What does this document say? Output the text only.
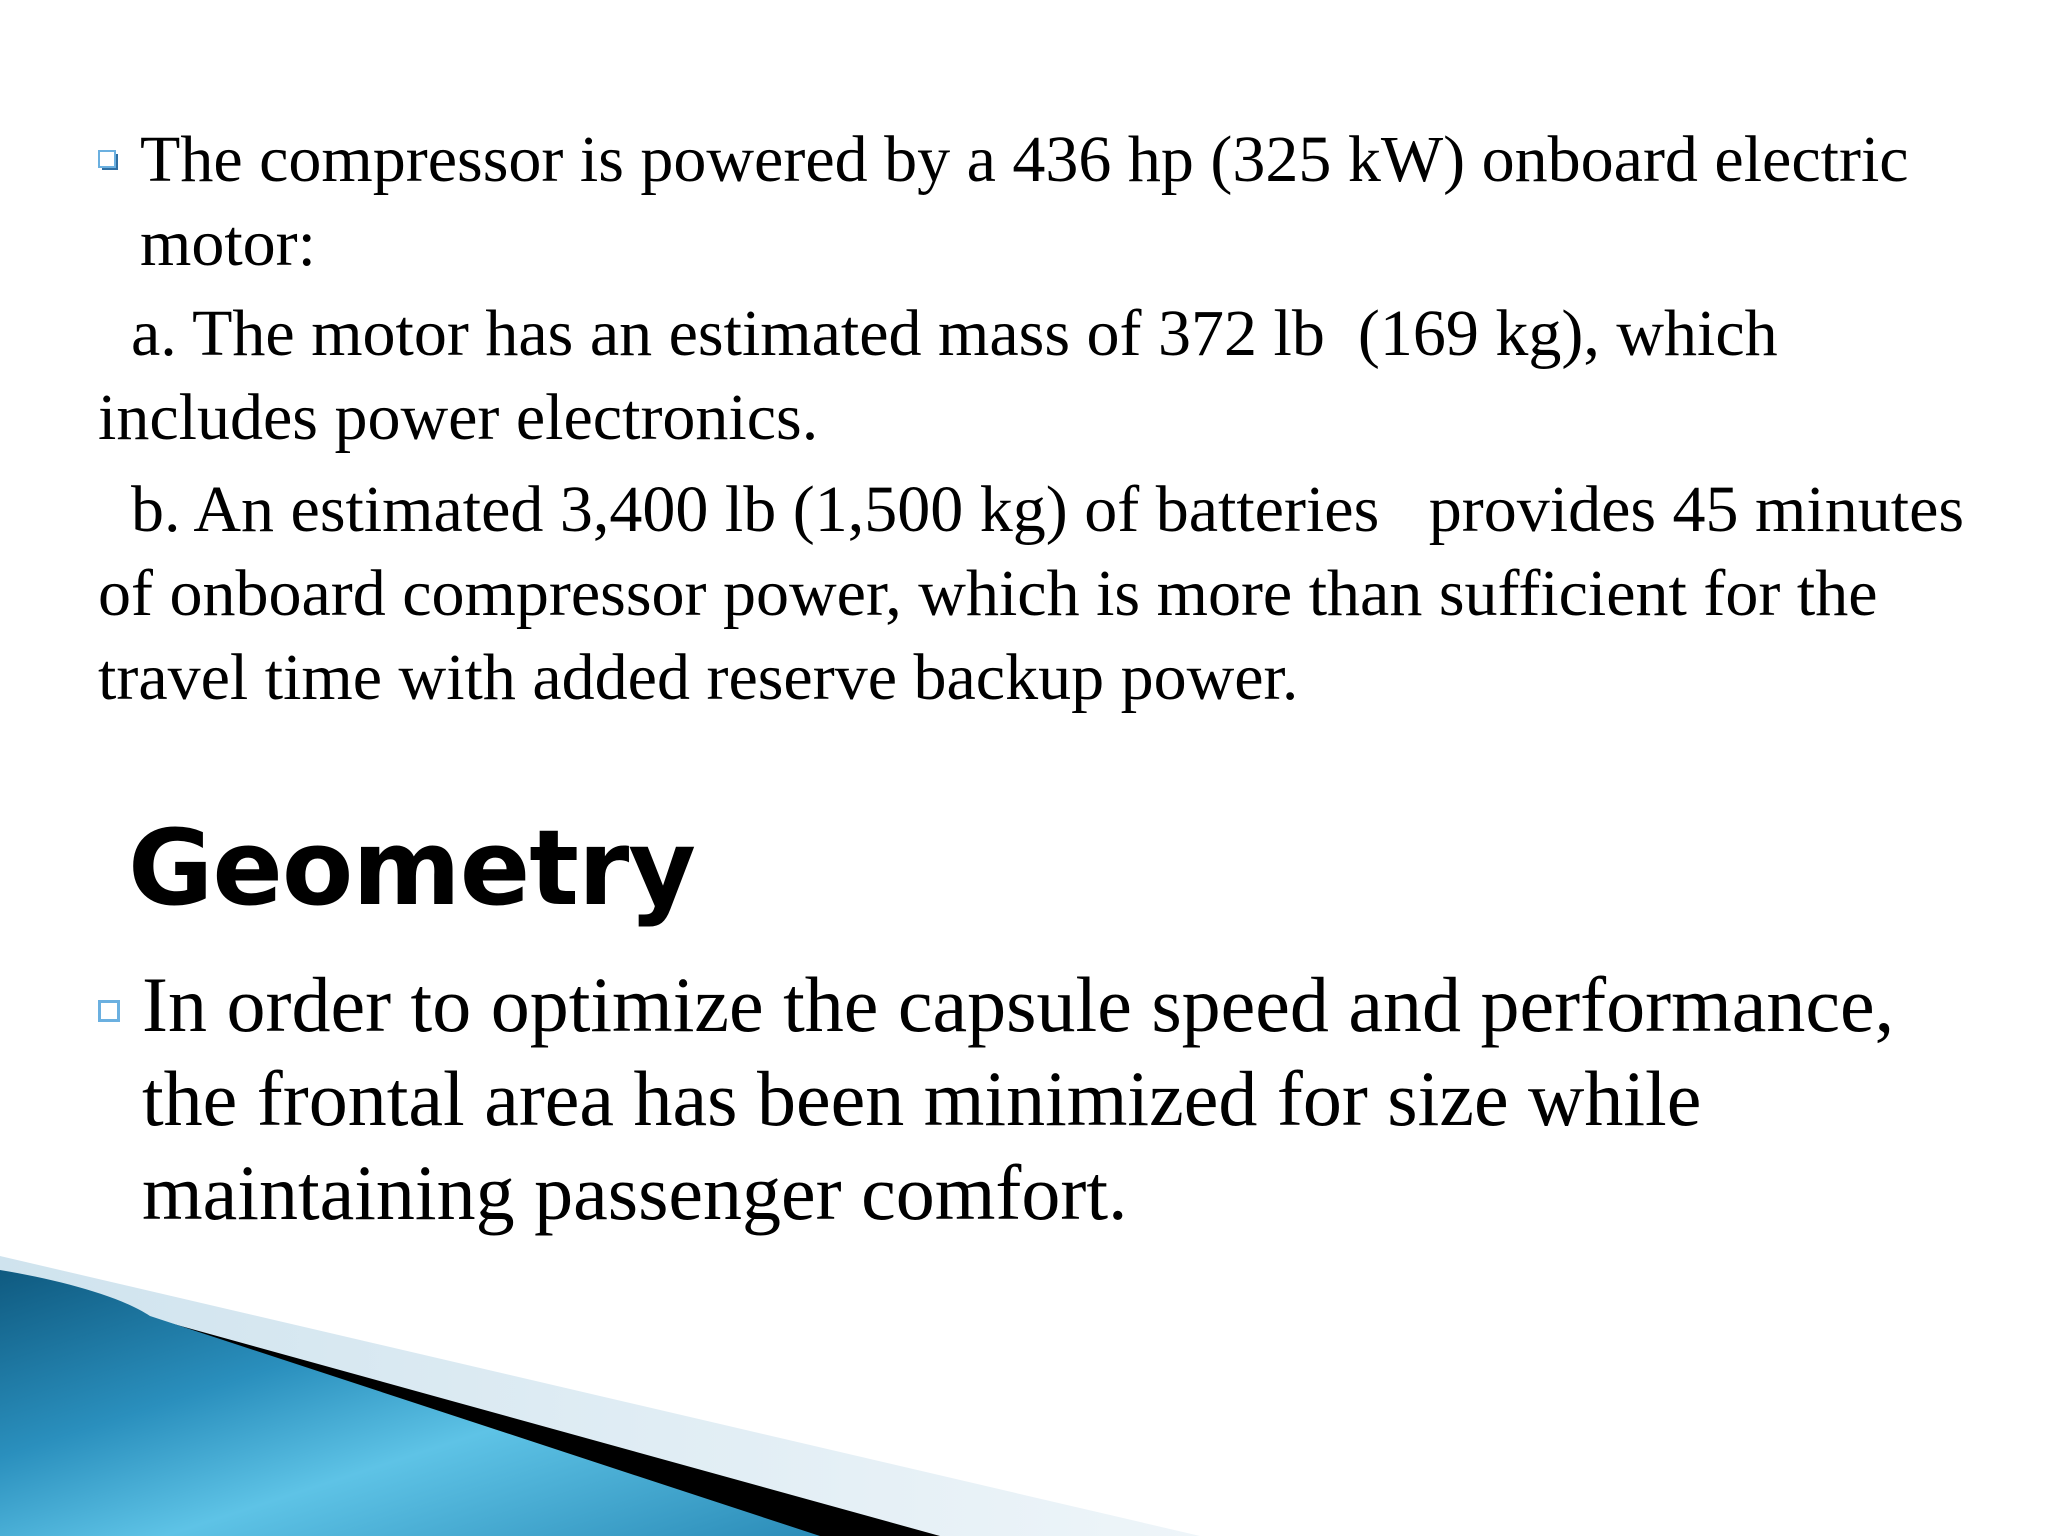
The compressor is powered by a 436 hp (325 kW) onboard electric motor:

a. The motor has an estimated mass of 372 lb  (169 kg), which includes power electronics.

b. An estimated 3,400 lb (1,500 kg) of batteries   provides 45 minutes of onboard compressor power, which is more than sufficient for the travel time with added reserve backup power.

Geometry

In order to optimize the capsule speed and performance, the frontal area has been minimized for size while maintaining passenger comfort.
